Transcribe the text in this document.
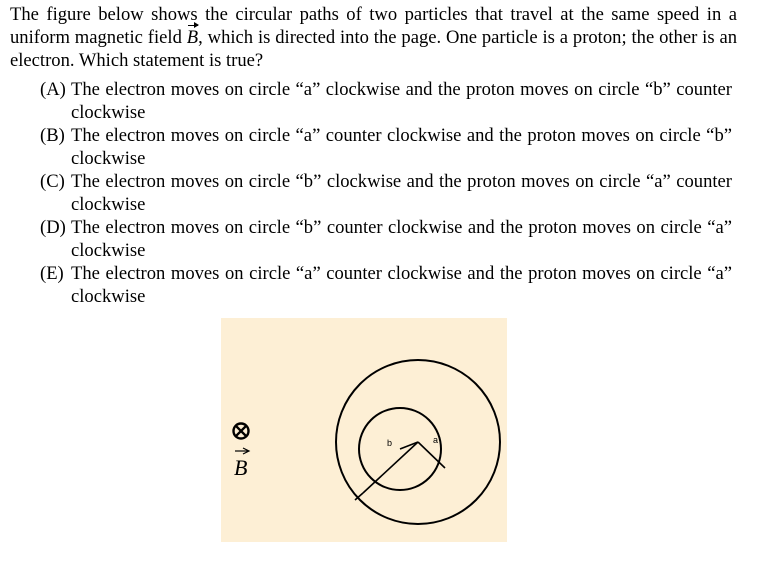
The figure below shows the circular paths of two particles that travel at the same speed in a uniform magnetic field B, which is directed into the page. One particle is a proton; the other is an electron. Which statement is true?

(A) The electron moves on circle “a” clockwise and the proton moves on circle “b” counter clockwise
(B) The electron moves on circle “a” counter clockwise and the proton moves on circle “b” clockwise
(C) The electron moves on circle “b” clockwise and the proton moves on circle “a” counter clockwise
(D) The electron moves on circle “b” counter clockwise and the proton moves on circle “a” clockwise
(E) The electron moves on circle “a” counter clockwise and the proton moves on circle “a” clockwise
B
b	a
